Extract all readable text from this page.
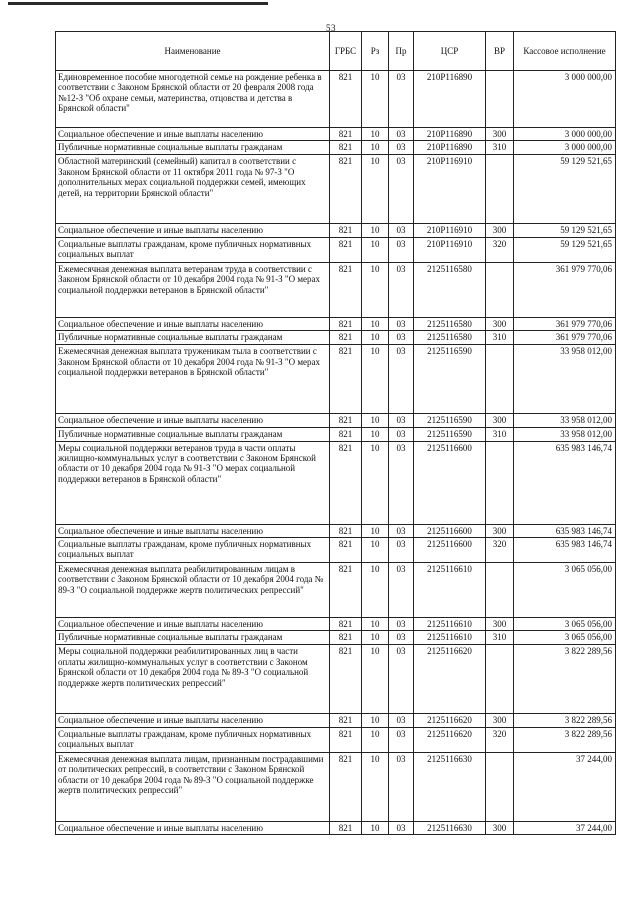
53
Наименование	ГРБС	Рз	Пр	ЦСР	ВР	Кассовое исполнение
Единовременное пособие многодетной семье на рождение ребенка в соответствии с Законом Брянской области от 20 февраля 2008 года №12-З "Об охране семьи, материнства, отцовства и детства в Брянской области"	821	10	03	210P116890		3 000 000,00
Социальное обеспечение и иные выплаты населению	821	10	03	210P116890	300	3 000 000,00
Публичные нормативные социальные выплаты гражданам	821	10	03	210P116890	310	3 000 000,00
Областной материнский (семейный) капитал в соответствии с Законом Брянской области от 11 октября 2011 года № 97-З "О дополнительных мерах социальной поддержки семей, имеющих детей, на территории Брянской области"	821	10	03	210P116910		59 129 521,65
Социальное обеспечение и иные выплаты населению	821	10	03	210P116910	300	59 129 521,65
Социальные выплаты гражданам, кроме публичных нормативных социальных выплат	821	10	03	210P116910	320	59 129 521,65
Ежемесячная денежная выплата ветеранам труда в соответствии с Законом Брянской области от 10 декабря 2004 года № 91-З "О мерах социальной поддержки ветеранов в Брянской области"	821	10	03	2125116580		361 979 770,06
Социальное обеспечение и иные выплаты населению	821	10	03	2125116580	300	361 979 770,06
Публичные нормативные социальные выплаты гражданам	821	10	03	2125116580	310	361 979 770,06
Ежемесячная денежная выплата труженикам тыла в соответствии с Законом Брянской области от 10 декабря 2004 года № 91-З "О мерах социальной поддержки ветеранов в Брянской области"	821	10	03	2125116590		33 958 012,00
Социальное обеспечение и иные выплаты населению	821	10	03	2125116590	300	33 958 012,00
Публичные нормативные социальные выплаты гражданам	821	10	03	2125116590	310	33 958 012,00
Меры социальной поддержки ветеранов труда в части оплаты жилищно-коммунальных услуг в соответствии с Законом Брянской области от 10 декабря 2004 года № 91-З "О мерах социальной поддержки ветеранов в Брянской области"	821	10	03	2125116600		635 983 146,74
Социальное обеспечение и иные выплаты населению	821	10	03	2125116600	300	635 983 146,74
Социальные выплаты гражданам, кроме публичных нормативных социальных выплат	821	10	03	2125116600	320	635 983 146,74
Ежемесячная денежная выплата реабилитированным лицам в соответствии с Законом Брянской области от 10 декабря 2004 года № 89-З "О социальной поддержке жертв политических репрессий"	821	10	03	2125116610		3 065 056,00
Социальное обеспечение и иные выплаты населению	821	10	03	2125116610	300	3 065 056,00
Публичные нормативные социальные выплаты гражданам	821	10	03	2125116610	310	3 065 056,00
Меры социальной поддержки реабилитированных лиц в части оплаты жилищно-коммунальных услуг в соответствии с Законом Брянской области от 10 декабря 2004 года № 89-З "О социальной поддержке жертв политических репрессий"	821	10	03	2125116620		3 822 289,56
Социальное обеспечение и иные выплаты населению	821	10	03	2125116620	300	3 822 289,56
Социальные выплаты гражданам, кроме публичных нормативных социальных выплат	821	10	03	2125116620	320	3 822 289,56
Ежемесячная денежная выплата лицам, признанным пострадавшими от политических репрессий, в соответствии с Законом Брянской области от 10 декабря 2004 года № 89-З "О социальной поддержке жертв политических репрессий"	821	10	03	2125116630		37 244,00
Социальное обеспечение и иные выплаты населению	821	10	03	2125116630	300	37 244,00
